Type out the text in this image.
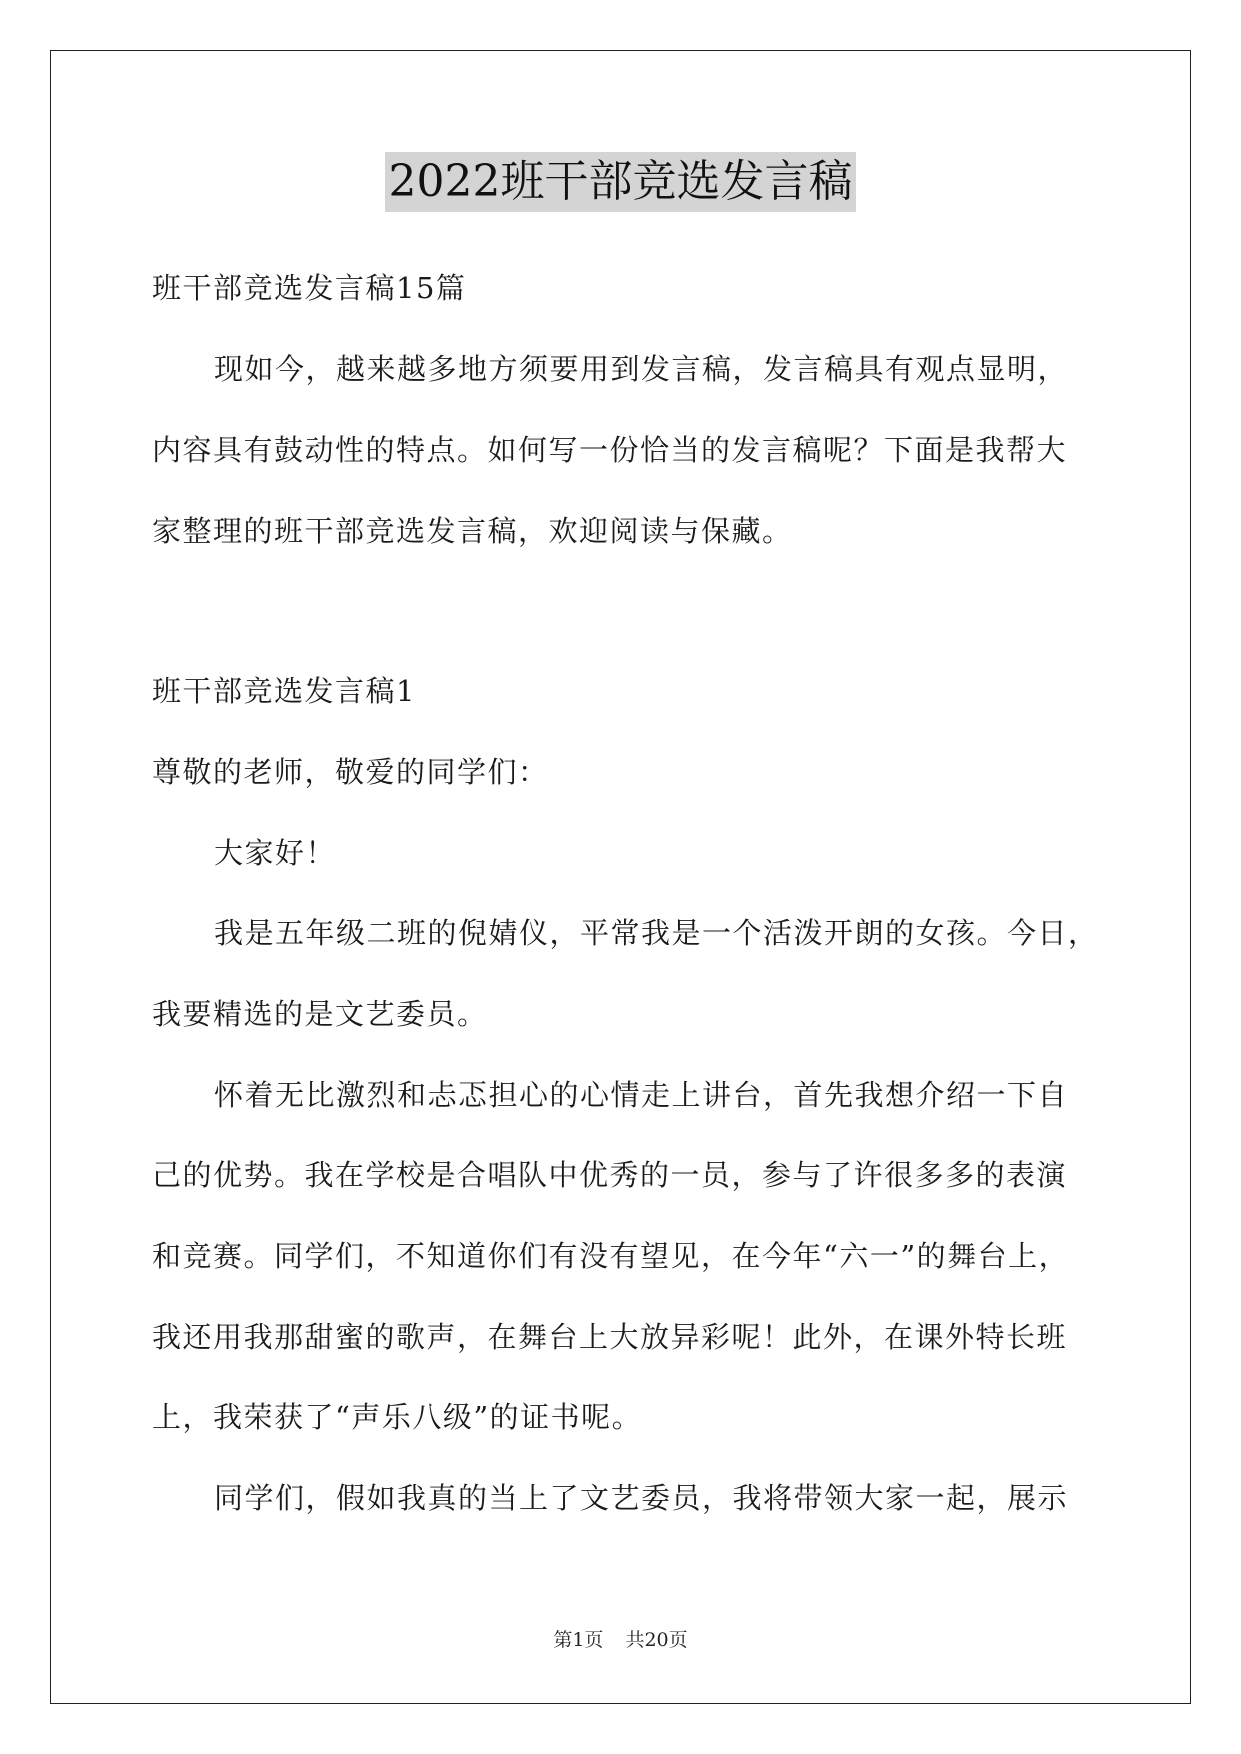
2022班干部竞选发言稿
班干部竞选发言稿15篇
现如今，越来越多地方须要用到发言稿，发言稿具有观点显明，
内容具有鼓动性的特点。如何写一份恰当的发言稿呢？下面是我帮大
家整理的班干部竞选发言稿，欢迎阅读与保藏。
班干部竞选发言稿1
尊敬的老师，敬爱的同学们：
大家好！
我是五年级二班的倪婧仪，平常我是一个活泼开朗的女孩。今日，
我要精选的是文艺委员。
怀着无比激烈和忐忑担心的心情走上讲台，首先我想介绍一下自
己的优势。我在学校是合唱队中优秀的一员，参与了许很多多的表演
和竞赛。同学们，不知道你们有没有望见，在今年“六一”的舞台上，
我还用我那甜蜜的歌声，在舞台上大放异彩呢！此外，在课外特长班
上，我荣获了“声乐八级”的证书呢。
同学们，假如我真的当上了文艺委员，我将带领大家一起，展示
第1页 共20页
